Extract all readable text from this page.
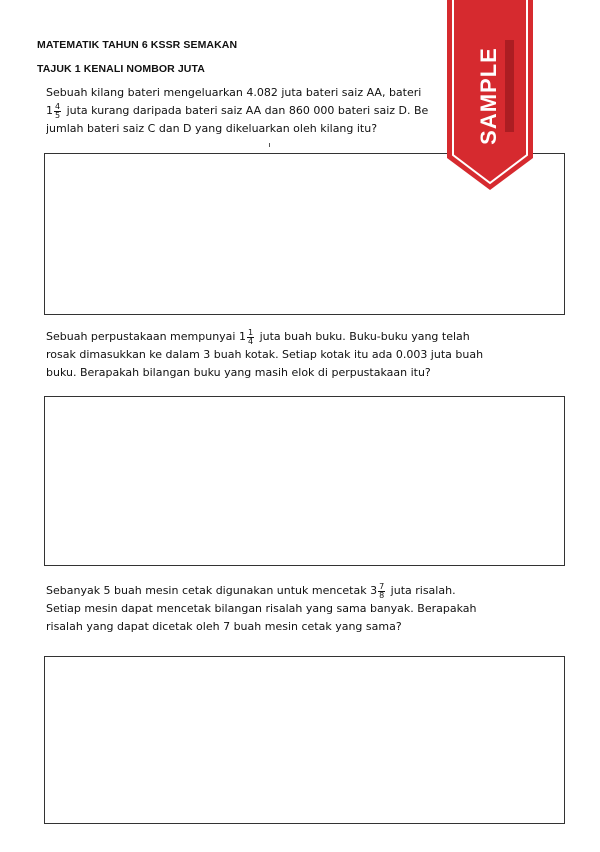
MATEMATIK TAHUN 6 KSSR SEMAKAN
TAJUK 1 KENALI NOMBOR JUTA
Sebuah kilang bateri mengeluarkan 4.082 juta bateri saiz AA, bateri
$1 \frac{4}{5}$ juta kurang daripada bateri saiz AA dan 860 000 bateri saiz D. Be
jumlah bateri saiz C dan D yang dikeluarkan oleh kilang itu?
Sebuah perpustakaan mempunyai $1 \frac{1}{4}$ juta buah buku. Buku-buku yang telah
rosak dimasukkan ke dalam 3 buah kotak. Setiap kotak itu ada 0.003 juta buah
buku. Berapakah bilangan buku yang masih elok di perpustakaan itu?
Sebanyak 5 buah mesin cetak digunakan untuk mencetak $3 \frac{7}{8}$ juta risalah.
Setiap mesin dapat mencetak bilangan risalah yang sama banyak. Berapakah
risalah yang dapat dicetak oleh 7 buah mesin cetak yang sama?
SAMPLE
